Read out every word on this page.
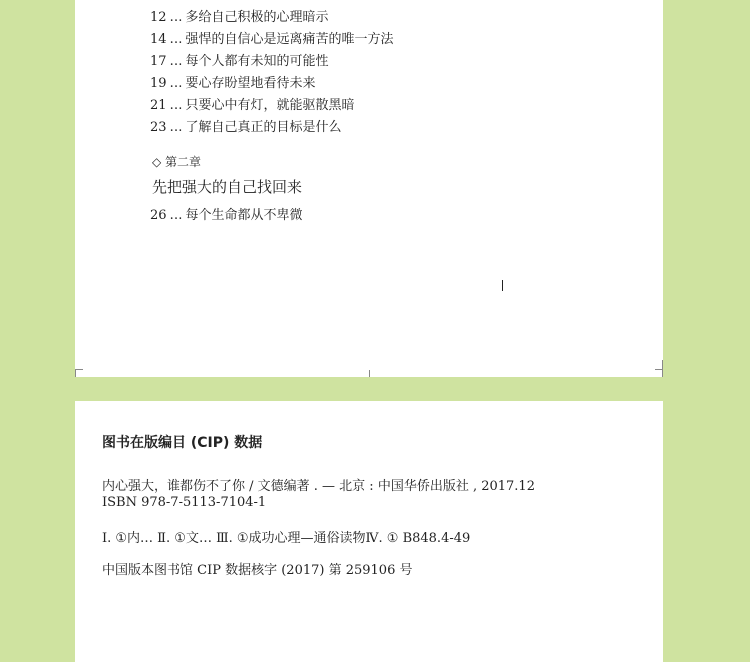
12 … 多给自己积极的心理暗示
14 … 强悍的自信心是远离痛苦的唯一方法
17 … 每个人都有未知的可能性
19 … 要心存盼望地看待未来
21 … 只要心中有灯，就能驱散黑暗
23 … 了解自己真正的目标是什么
◇ 第二章
先把强大的自己找回来
26 … 每个生命都从不卑微
图书在版编目 (CIP) 数据
内心强大，谁都伤不了你 / 文德编著 . — 北京 : 中国华侨出版社 , 2017.12
ISBN 978-7-5113-7104-1
Ⅰ. ①内… Ⅱ. ①文… Ⅲ. ①成功心理—通俗读物Ⅳ. ① B848.4-49
中国版本图书馆 CIP 数据核字 (2017) 第 259106 号
